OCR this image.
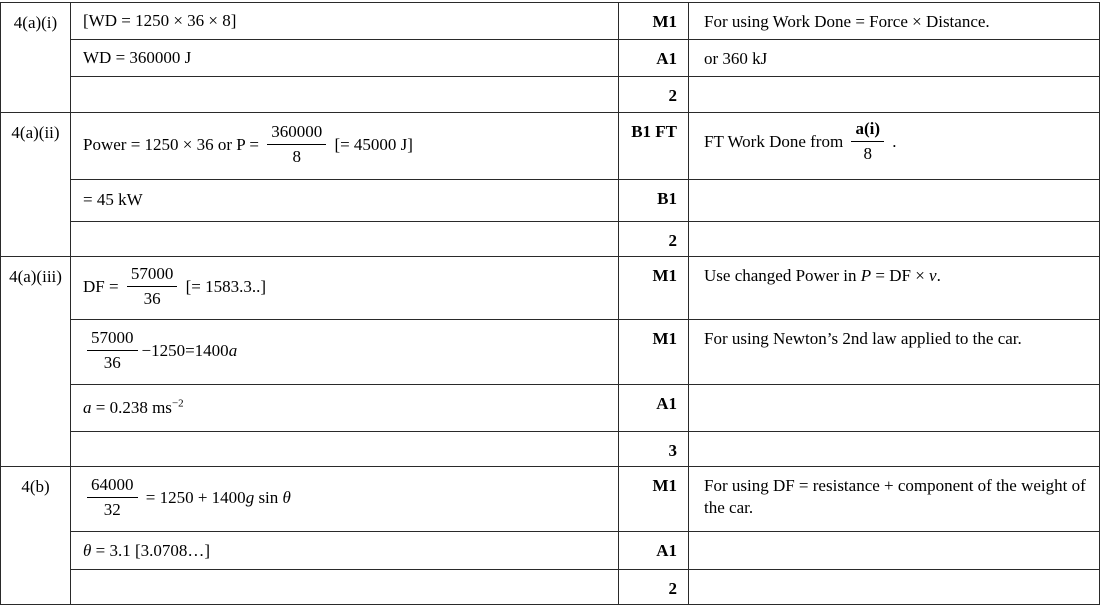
4(a)(i)	[WD = 1250 × 36 × 8]	M1	For using Work Done = Force × Distance.
	WD = 360000 J	A1	or 360 kJ
		2	
4(a)(ii)	Power = 1250 × 36 or $P = \frac{360000}{8}$ [= 45000 J]	B1 FT	FT Work Done from $\frac{a(i)}{8}$ .
	= 45 kW	B1	
		2	
4(a)(iii)	DF = $\frac{57000}{36}$ [= 1583.3..]	M1	Use changed Power in P = DF × v.

	$\frac{57000}{36} -1250=1400a$	M1	For using Newton’s 2nd law applied to the car.
	a = 0.238 $ms^{-2}$	A1	
		3	
4(b)	$\frac{64000}{32} = 1250 + 1400g$ sin θ	M1	For using DF = resistance + component of the weight of the car.
	θ = 3.1 [3.0708…]	A1	
		2	
